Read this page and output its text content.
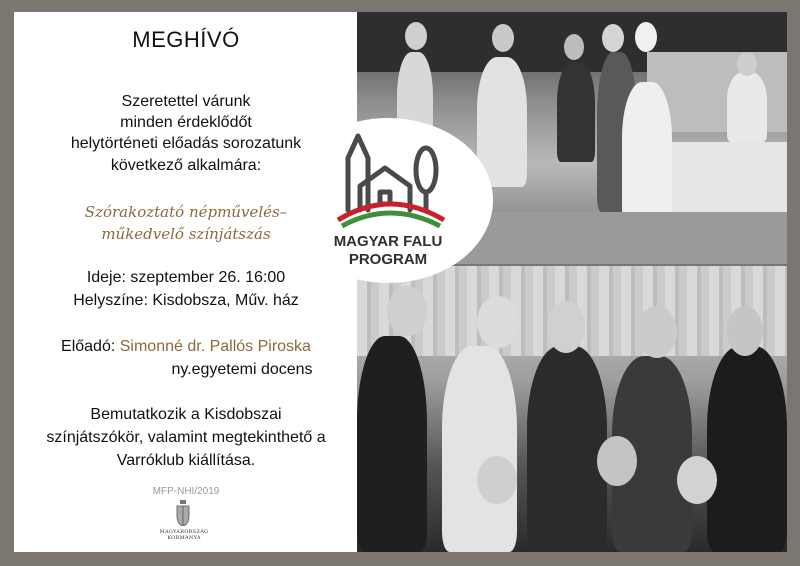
MAGYAR FALU
PROGRAM
MEGHÍVÓ
Szeretettel várunk
minden érdeklődőt
helytörténeti előadás sorozatunk
következő alkalmára:
Szórakoztató népművelés–
műkedvelő színjátszás
Ideje: szeptember 26. 16:00
Helyszíne: Kisdobsza, Műv. ház
Előadó: Simonné dr. Pallós Piroska
ny.egyetemi docens
Bemutatkozik a Kisdobszai
színjátszókör, valamint megtekinthető a
Varróklub kiállítása.
MFP-NHI/2019
MAGYARORSZÁG
KORMÁNYA
